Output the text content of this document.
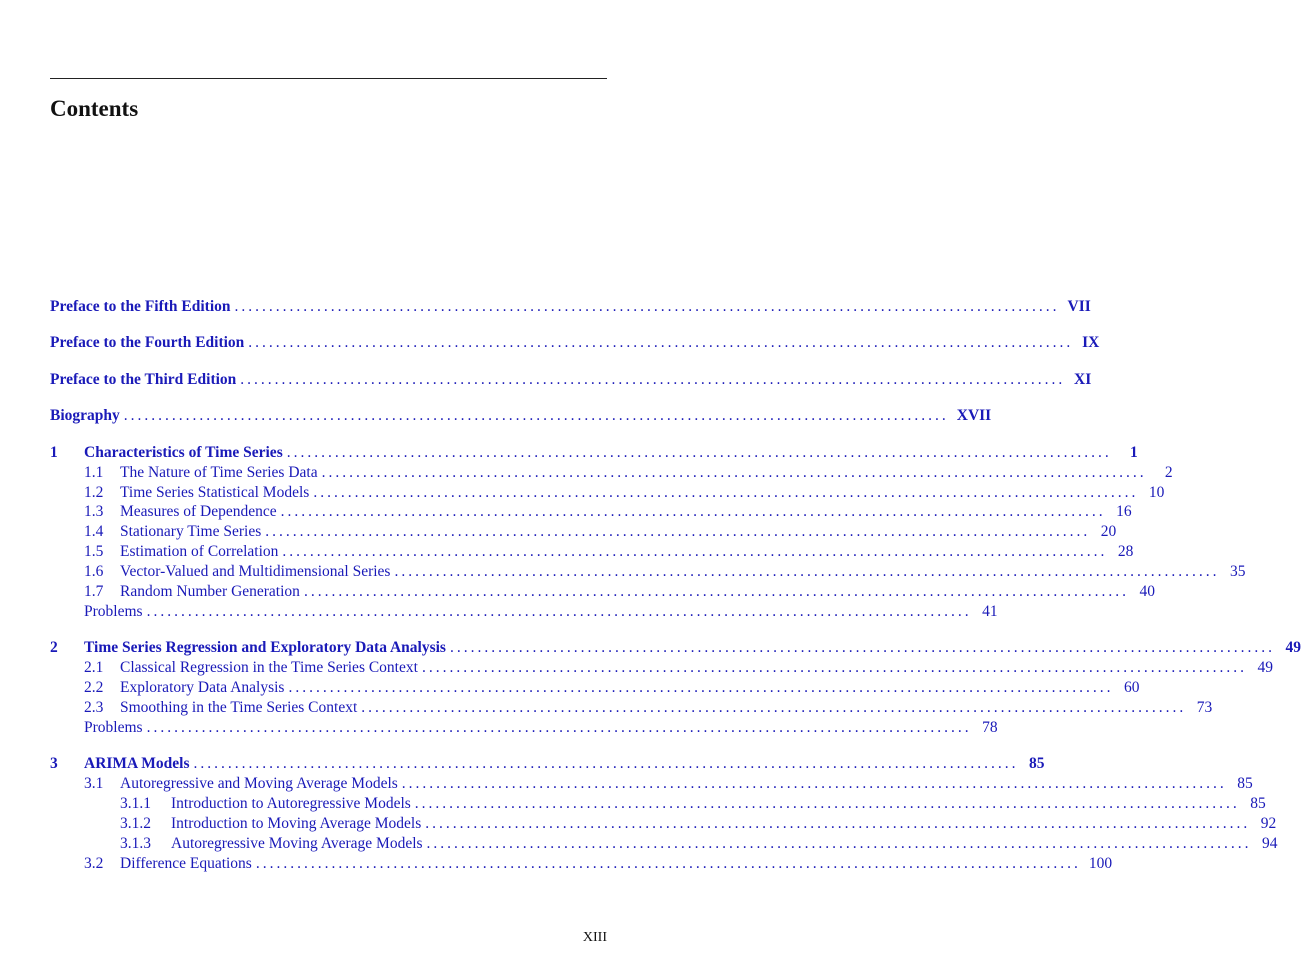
Contents
Preface to the Fifth Edition ........................................................................................................................ VII
Preface to the Fourth Edition ........................................................................................................................ IX
Preface to the Third Edition ........................................................................................................................ XI
Biography ........................................................................................................................ XVII
1	Characteristics of Time Series ........................................................................................................................	1
1.1	The Nature of Time Series Data ........................................................................................................................	2
1.2	Time Series Statistical Models ........................................................................................................................ 10
1.3	Measures of Dependence ........................................................................................................................ 16
1.4	Stationary Time Series ........................................................................................................................ 20
1.5	Estimation of Correlation ........................................................................................................................ 28
1.6	Vector-Valued and Multidimensional Series ........................................................................................................................ 35
1.7	Random Number Generation ........................................................................................................................ 40
Problems ........................................................................................................................ 41
2	Time Series Regression and Exploratory Data Analysis ........................................................................................................................ 49
2.1	Classical Regression in the Time Series Context ........................................................................................................................ 49
2.2	Exploratory Data Analysis ........................................................................................................................ 60
2.3	Smoothing in the Time Series Context ........................................................................................................................ 73
Problems ........................................................................................................................ 78
3	ARIMA Models ........................................................................................................................ 85
3.1	Autoregressive and Moving Average Models ........................................................................................................................ 85
3.1.1	Introduction to Autoregressive Models ........................................................................................................................ 85
3.1.2	Introduction to Moving Average Models ........................................................................................................................ 92
3.1.3	Autoregressive Moving Average Models ........................................................................................................................ 94
3.2	Difference Equations ........................................................................................................................ 100
XIII
